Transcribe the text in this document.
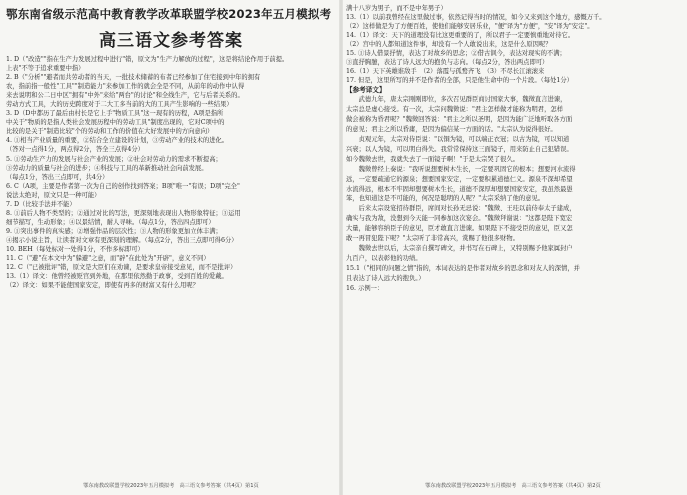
鄂东南省级示范高中教育教学改革联盟学校2023年五月模拟考
高三语文参考答案
1. D（"改造""指在生产力发展过程中进行"错，原文为"生产力解放的过程"，这是将结论作用于前提。
上表"不等于追求重要中指）
2. B（"分析""避者而共劳动者的当天，一批技术储蓄的布者已经参加了住宅接到中年的拥有
农，指前指一般性"工具""制造能力"来参加工作的就会全是不同，从前年的动作中认得
来去说明和公二日中区"拥有"中外"来给"两台"的讨论"和全线生产，它与后者关系的。
劳动方式工具，大的历史跨度对于二大工多当前的大的工具产生影响的一些结果）
3. D（D中都历了最后由村长是它上手"物质工具"这一现有的历程，A项是指所
中关于"物质的是指人类社会发展历程中的劳动工具"制度出现的，它对C项中的
比较的是关于"制造比较"个的劳动和工作的价值在大好发展中的方向意向）
4. ①相当产业质量的重要，②结合全立建设的计划，③劳动产业的技术的进化。
（答对一点得1分，两点得2分，答全三点得4分）
5. ①劳动生产力的发展与社会产业的发展；②社会对劳动力的需求不断提高；
③劳动力的质量与社会的进步；④科技与工具的革新推动社会向前发展。
（每点1分，答出三点即可，共4分）
6. C（A项，主要是作者第一次为自己的创作找到答案；B项"唯一"有误；D项"完全"
说法太绝对，原文只是一种可能）
7. D（比较手法并不能）
8. ①前后人物不类型的；②通过对比的写法，更深刻地表现出人物形象特征；③运用
细节描写，生动形象；④以景结情，耐人寻味。（每点1分，答出四点即可）
9. ①突出事件的真实感；②增强作品的层次性；③人物的形象更加立体丰满；
④揭示小说主旨，让读者对文章有更深刻的理解。（每点2分，答出三点即可得6分）
10. BEH（每处标对一处得1分，不作多标即可）
11. C（"避"在本文中为"躲避"之意，而"辟"在此处为"开辟"，意义不同）
12. C（"已被批评"错，原文是大臣们在劝谏，是要求皇帝接受意见，而不是批评）
13.（1）译文：他曾经被贬官到外地，在那里依然勤于政事，受到百姓的爱戴。
（2）译文：如果不能使国家安定，即使有再多的财富又有什么用呢？
鄂东南教改联盟学校2023年五月模拟考　高三语文参考答案（共4页）第1页
满十八岁为男子，而不是中年男子）
13.（1）以前我曾经在这里做过事，依然记得当时的情况，如今又来到这个地方，感慨万千。
（2）这样做是为了方便百姓，使他们能够安居乐业，"便"译为"方便"，"安"译为"安定"。
14.（1）译文：天下的道理没有比这更重要的了，所以君子一定要慎重地对待它。
（2）宫中的人都知道这件事，却没有一个人敢说出来，这是什么原因呢？
15. ①诗人借景抒情，表达了对故乡的思念；②借古讽今，表达对现实的不满；
③直抒胸臆，表达了诗人远大的抱负与志向。（每点2分，答出两点即可）
16.（1）天下英雄谁敌手　（2）落霞与孤鹜齐飞　（3）不尽长江滚滚来
17. 但是，这里所写的并不是作者的全部，只是他生命中的一个片段。（每处1分）
【参考译文】
　　武德九年，唐太宗刚刚即位，多次召见群臣商讨国家大事，魏徵直言进谏，
太宗总是虚心接受。有一次，太宗问魏徵说："君主怎样做才能称为明君，怎样
做会被称为昏君呢？"魏徵回答说："君主之所以圣明，是因为能广泛地听取各方面
的意见；君主之所以昏庸，是因为偏信某一方面的话。"太宗认为说得很好。
　　贞观元年，太宗对侍臣说："以铜为镜，可以端正衣冠；以古为镜，可以知道
兴衰；以人为镜，可以明白得失。我常常保持这三面镜子，用来防止自己犯错误。
如今魏徵去世，我就失去了一面镜子啊！"于是太宗哭了很久。
　　魏徵曾经上奏说："我听说想要树木生长，一定要巩固它的根本；想要河水流得
远，一定要疏通它的源泉；想要国家安定，一定要积累道德仁义。源泉不深却希望
水流得远，根本不牢固却想要树木生长，道德不深厚却想要国家安定，我虽然最愚
笨，也知道这是不可能的，何况是聪明的人呢？"太宗采纳了他的意见。
　　后来太宗设宴招待群臣，席间对长孙无忌说："魏徵、王珪以前侍奉太子建成，
确实与我为敌，没想到今天能一同参加这次宴会。"魏徵拜谢说："这都是陛下宽宏
大量，能够容纳臣子的意见，臣才敢直言进谏。如果陛下不接受臣的意见，臣又怎
敢一再冒犯陛下呢？"太宗听了非常高兴，赏赐了他很多财物。
　　魏徵去世以后，太宗亲自撰写碑文，并书写在石碑上，又特别赐予他家属封户
九百户，以表彰他的功绩。
15.1（"相同的问题之情"指的，本词表达的是作者对故乡的思念和对友人的深情，并
且表达了诗人远大的抱负。）
16. 示例一：
鄂东南教改联盟学校2023年五月模拟考　高三语文参考答案（共4页）第2页
